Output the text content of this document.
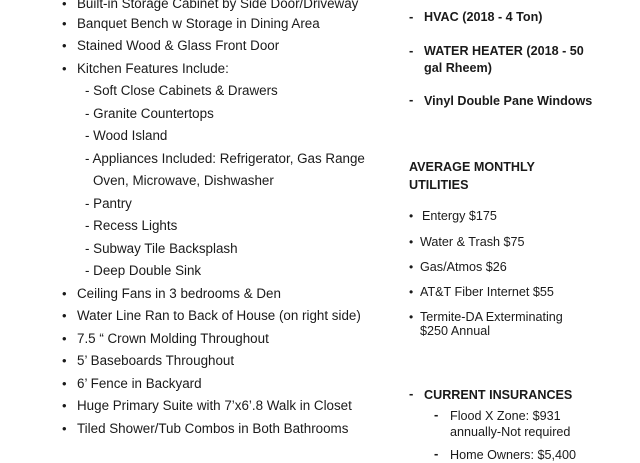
• Built-in Storage Cabinet by Side Door/Driveway
• Banquet Bench w Storage in Dining Area
• Stained Wood & Glass Front Door
• Kitchen Features Include:
- Soft Close Cabinets & Drawers
- Granite Countertops
- Wood Island
- Appliances Included: Refrigerator, Gas Range
Oven, Microwave, Dishwasher
- Pantry
- Recess Lights
- Subway Tile Backsplash
- Deep Double Sink
• Ceiling Fans in 3 bedrooms & Den
• Water Line Ran to Back of House (on right side)
• 7.5 “ Crown Molding Throughout
• 5’ Baseboards Throughout
• 6’ Fence in Backyard
• Huge Primary Suite with 7’x6’.8 Walk in Closet
• Tiled Shower/Tub Combos in Both Bathrooms
- HVAC (2018 - 4 Ton)
- WATER HEATER (2018 - 50
gal Rheem)
- Vinyl Double Pane Windows
AVERAGE MONTHLY
UTILITIES
• Entergy $175
• Water & Trash $75
• Gas/Atmos $26
• AT&T Fiber Internet $55
• Termite-DA Exterminating
$250 Annual
- CURRENT INSURANCES
- Flood X Zone: $931
annually-Not required
- Home Owners: $5,400
